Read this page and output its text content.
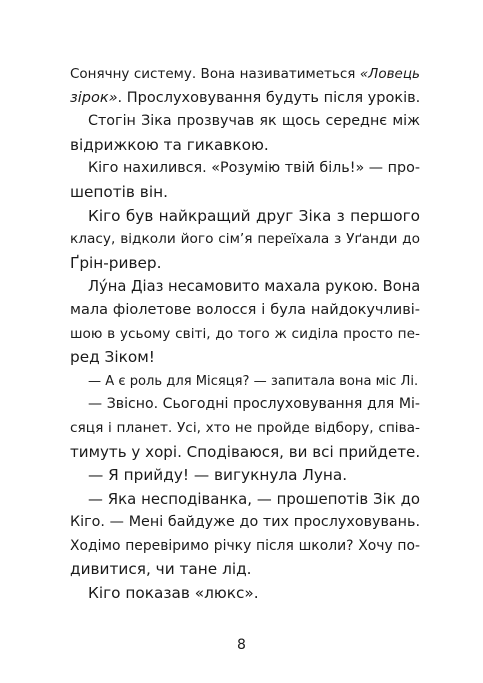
Сонячну систему. Вона називатиметься «Ловець
зірок». Прослуховування будуть після уроків.
Стогін Зіка прозвучав як щось середнє між
відрижкою та гикавкою.
Кіго нахилився. «Розумію твій біль!» — про-
шепотів він.
Кіго був найкращий друг Зіка з першого
класу, відколи його сім’я переїхала з Уґанди до
Ґрін-ривер.
Лу́на Діаз несамовито махала рукою. Вона
мала фіолетове волосся і була найдокучливі-
шою в усьому світі, до того ж сиділа просто пе-
ред Зіком!
— А є роль для Місяця? — запитала вона міс Лі.
— Звісно. Сьогодні прослуховування для Мі-
сяця і планет. Усі, хто не пройде відбору, співа-
тимуть у хорі. Сподіваюся, ви всі прийдете.
— Я прийду! — вигукнула Луна.
— Яка несподіванка, — прошепотів Зік до
Кіго. — Мені байдуже до тих прослуховувань.
Ходімо перевіримо річку після школи? Хочу по-
дивитися, чи тане лід.
Кіго показав «люкс».
8
